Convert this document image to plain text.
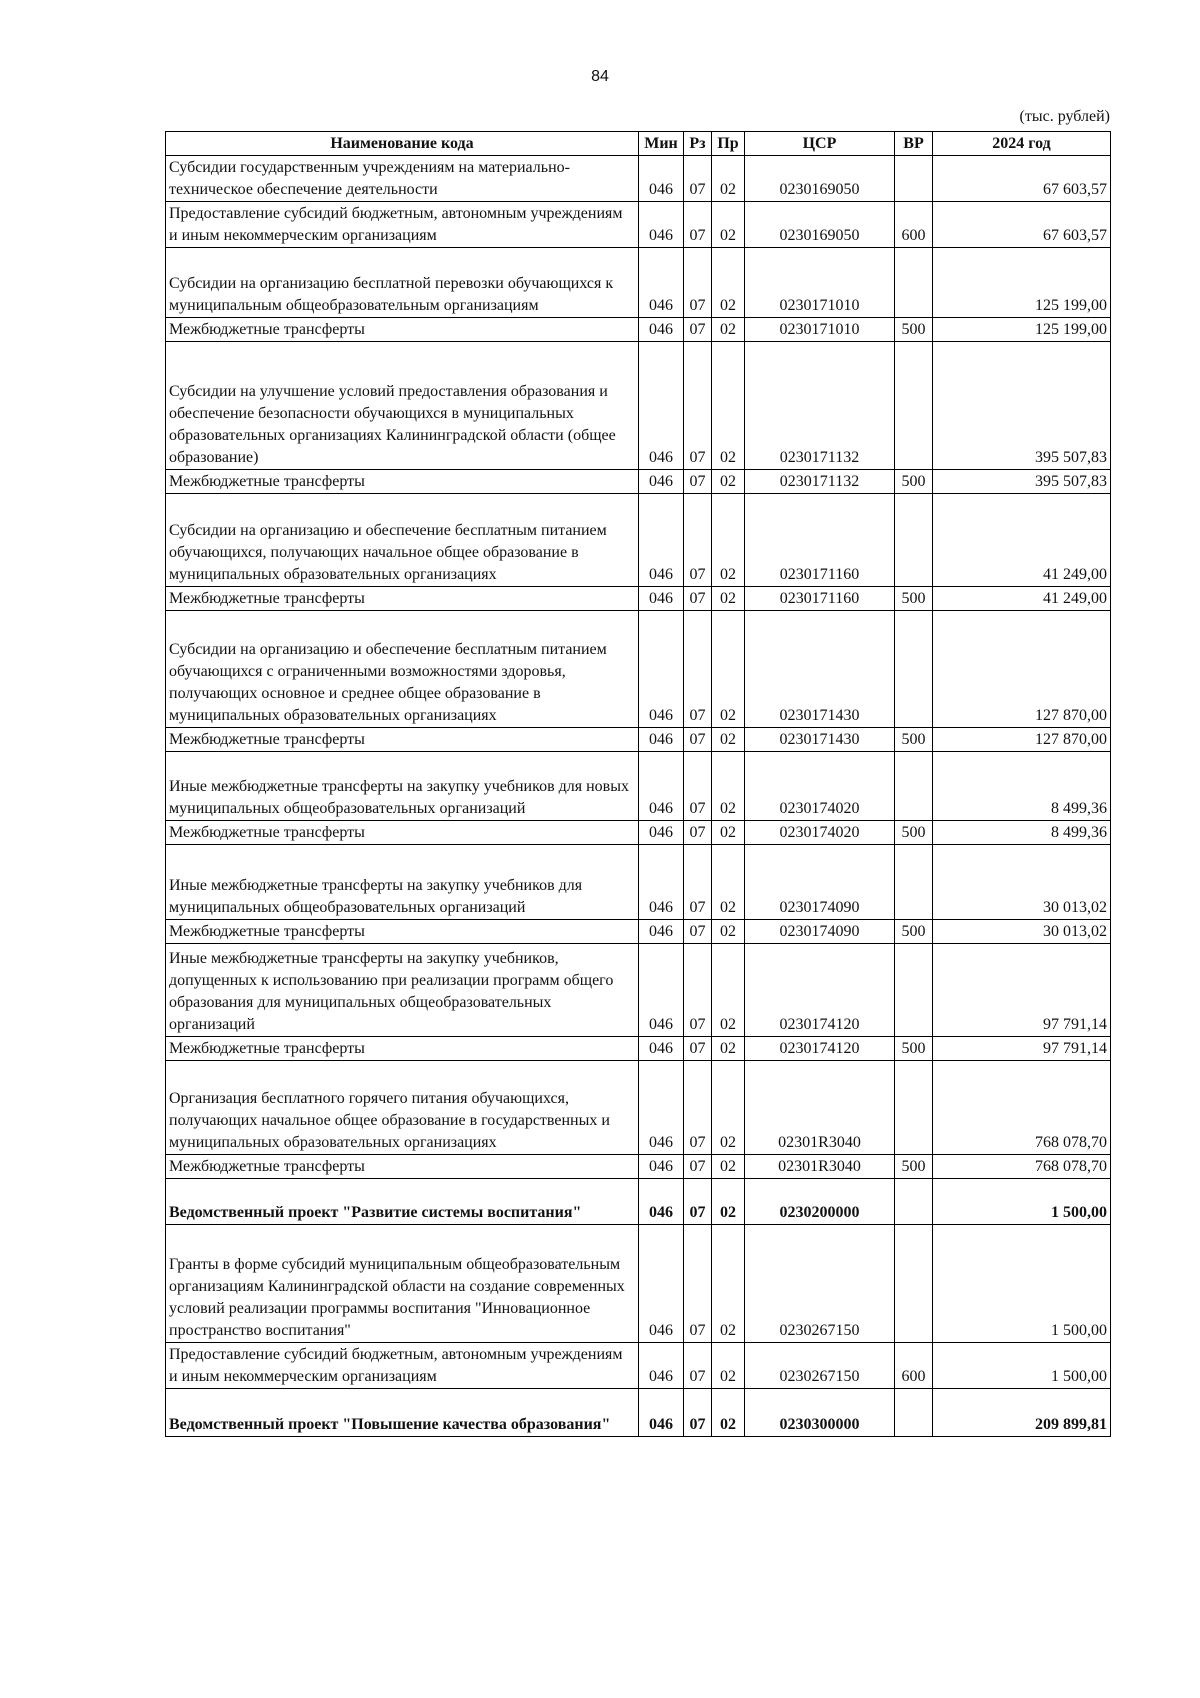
84
(тыс. рублей)
Наименование кода	Мин	Рз	Пр	ЦСР	ВР	2024 год
Субсидии государственным учреждениям на материально-техническое обеспечение деятельности	046	07	02	0230169050		67 603,57
Предоставление субсидий бюджетным, автономным учреждениям и иным некоммерческим организациям	046	07	02	0230169050	600	67 603,57
Субсидии на организацию бесплатной перевозки обучающихся к муниципальным общеобразовательным организациям	046	07	02	0230171010		125 199,00
Межбюджетные трансферты	046	07	02	0230171010	500	125 199,00
Субсидии на улучшение условий предоставления образования и обеспечение безопасности обучающихся в муниципальных образовательных организациях Калининградской области (общее образование)	046	07	02	0230171132		395 507,83
Межбюджетные трансферты	046	07	02	0230171132	500	395 507,83
Субсидии на организацию и обеспечение бесплатным питанием обучающихся, получающих начальное общее образование в муниципальных образовательных организациях	046	07	02	0230171160		41 249,00
Межбюджетные трансферты	046	07	02	0230171160	500	41 249,00
Субсидии на организацию и обеспечение бесплатным питанием обучающихся с ограниченными возможностями здоровья, получающих основное и среднее общее образование в муниципальных образовательных организациях	046	07	02	0230171430		127 870,00
Межбюджетные трансферты	046	07	02	0230171430	500	127 870,00
Иные межбюджетные трансферты на закупку учебников для новых муниципальных общеобразовательных организаций	046	07	02	0230174020		8 499,36
Межбюджетные трансферты	046	07	02	0230174020	500	8 499,36
Иные межбюджетные трансферты на закупку учебников для муниципальных общеобразовательных организаций	046	07	02	0230174090		30 013,02
Межбюджетные трансферты	046	07	02	0230174090	500	30 013,02
Иные межбюджетные трансферты на закупку учебников, допущенных к использованию при реализации программ общего образования для муниципальных общеобразовательных организаций	046	07	02	0230174120		97 791,14
Межбюджетные трансферты	046	07	02	0230174120	500	97 791,14
Организация бесплатного горячего питания обучающихся, получающих начальное общее образование в государственных и муниципальных образовательных организациях	046	07	02	02301R3040		768 078,70
Межбюджетные трансферты	046	07	02	02301R3040	500	768 078,70
Ведомственный проект "Развитие системы воспитания"	046	07	02	0230200000		1 500,00
Гранты в форме субсидий муниципальным общеобразовательным организациям Калининградской области на создание современных условий реализации программы воспитания "Инновационное пространство воспитания"	046	07	02	0230267150		1 500,00
Предоставление субсидий бюджетным, автономным учреждениям и иным некоммерческим организациям	046	07	02	0230267150	600	1 500,00
Ведомственный проект "Повышение качества образования"	046	07	02	0230300000		209 899,81
